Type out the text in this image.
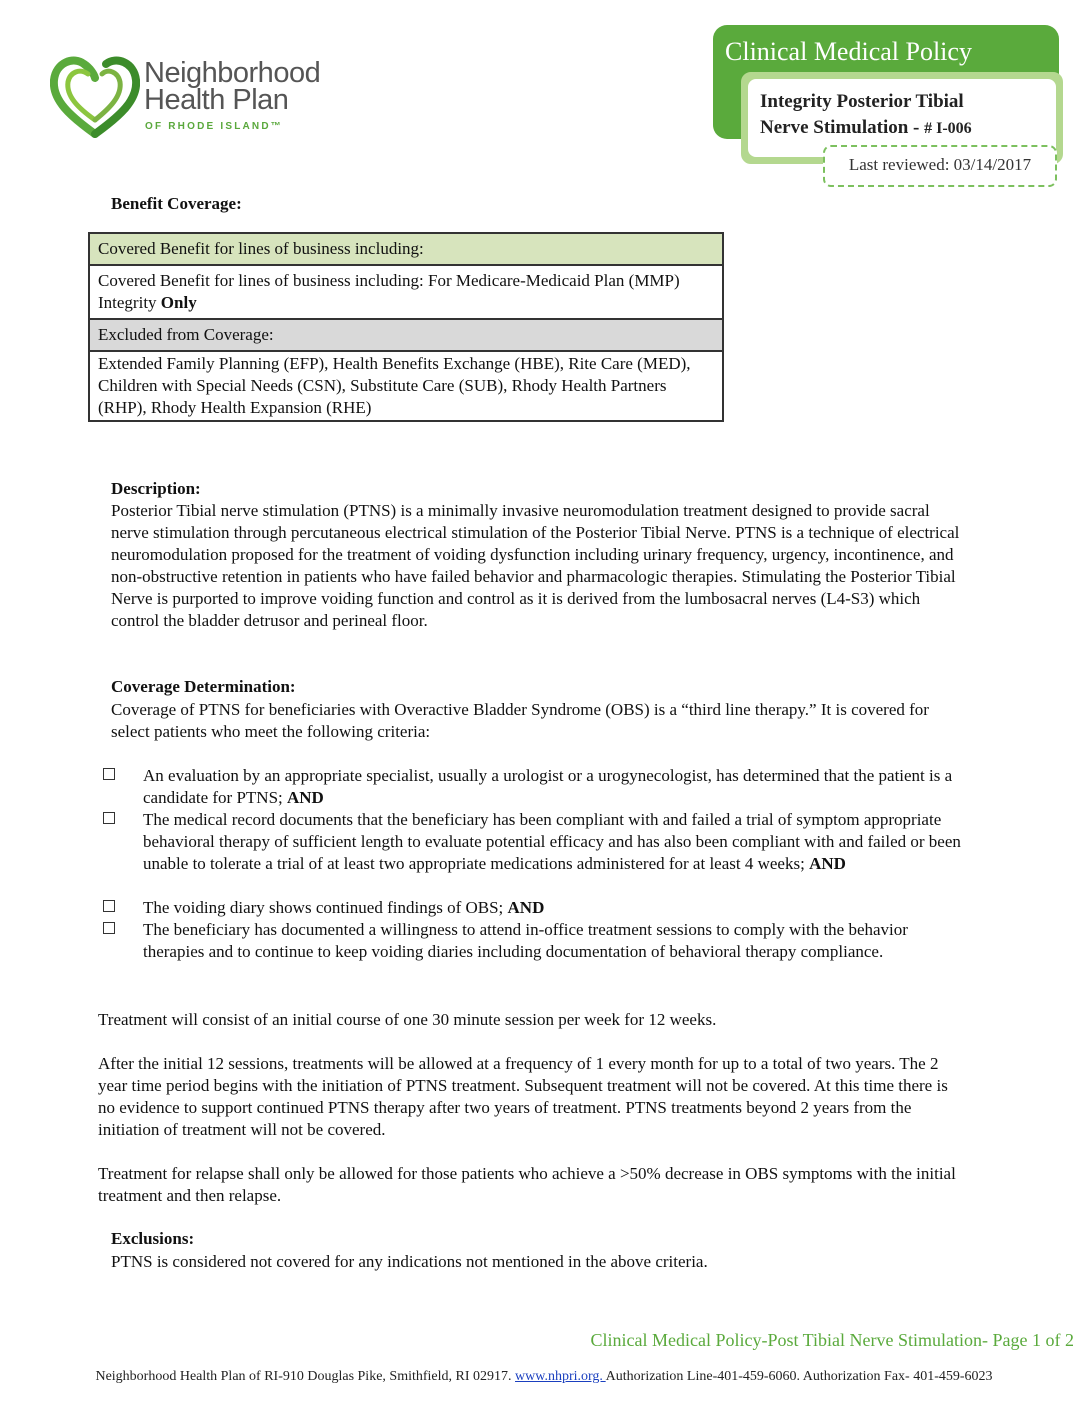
Neighborhood
Health Plan
OF RHODE ISLAND™
Clinical Medical Policy
Integrity Posterior Tibial
Nerve Stimulation - # I-006
Last reviewed: 03/14/2017
Benefit Coverage:
Covered Benefit for lines of business including:
Covered Benefit for lines of business including: For Medicare-Medicaid Plan (MMP) Integrity Only
Excluded from Coverage:
Extended Family Planning (EFP), Health Benefits Exchange (HBE), Rite Care (MED), Children with Special Needs (CSN), Substitute Care (SUB), Rhody Health Partners (RHP), Rhody Health Expansion (RHE)
Description:
Posterior Tibial nerve stimulation (PTNS) is a minimally invasive neuromodulation treatment designed to provide sacral nerve stimulation through percutaneous electrical stimulation of the Posterior Tibial Nerve. PTNS is a technique of electrical neuromodulation proposed for the treatment of voiding dysfunction including urinary frequency, urgency, incontinence, and non-obstructive retention in patients who have failed behavior and pharmacologic therapies. Stimulating the Posterior Tibial Nerve is purported to improve voiding function and control as it is derived from the lumbosacral nerves (L4-S3) which control the bladder detrusor and perineal floor.
Coverage Determination:
Coverage of PTNS for beneficiaries with Overactive Bladder Syndrome (OBS) is a “third line therapy.” It is covered for select patients who meet the following criteria:
An evaluation by an appropriate specialist, usually a urologist or a urogynecologist, has determined that the patient is a candidate for PTNS; AND
The medical record documents that the beneficiary has been compliant with and failed a trial of symptom appropriate behavioral therapy of sufficient length to evaluate potential efficacy and has also been compliant with and failed or been unable to tolerate a trial of at least two appropriate medications administered for at least 4 weeks; AND
The voiding diary shows continued findings of OBS; AND
The beneficiary has documented a willingness to attend in-office treatment sessions to comply with the behavior therapies and to continue to keep voiding diaries including documentation of behavioral therapy compliance.
Treatment will consist of an initial course of one 30 minute session per week for 12 weeks.
After the initial 12 sessions, treatments will be allowed at a frequency of 1 every month for up to a total of two years. The 2 year time period begins with the initiation of PTNS treatment. Subsequent treatment will not be covered. At this time there is no evidence to support continued PTNS therapy after two years of treatment. PTNS treatments beyond 2 years from the initiation of treatment will not be covered.
Treatment for relapse shall only be allowed for those patients who achieve a >50% decrease in OBS symptoms with the initial treatment and then relapse.
Exclusions:
PTNS is considered not covered for any indications not mentioned in the above criteria.
Clinical Medical Policy-Post Tibial Nerve Stimulation- Page 1 of 2
Neighborhood Health Plan of RI-910 Douglas Pike, Smithfield, RI 02917. www.nhpri.org. Authorization Line-401-459-6060. Authorization Fax- 401-459-6023
